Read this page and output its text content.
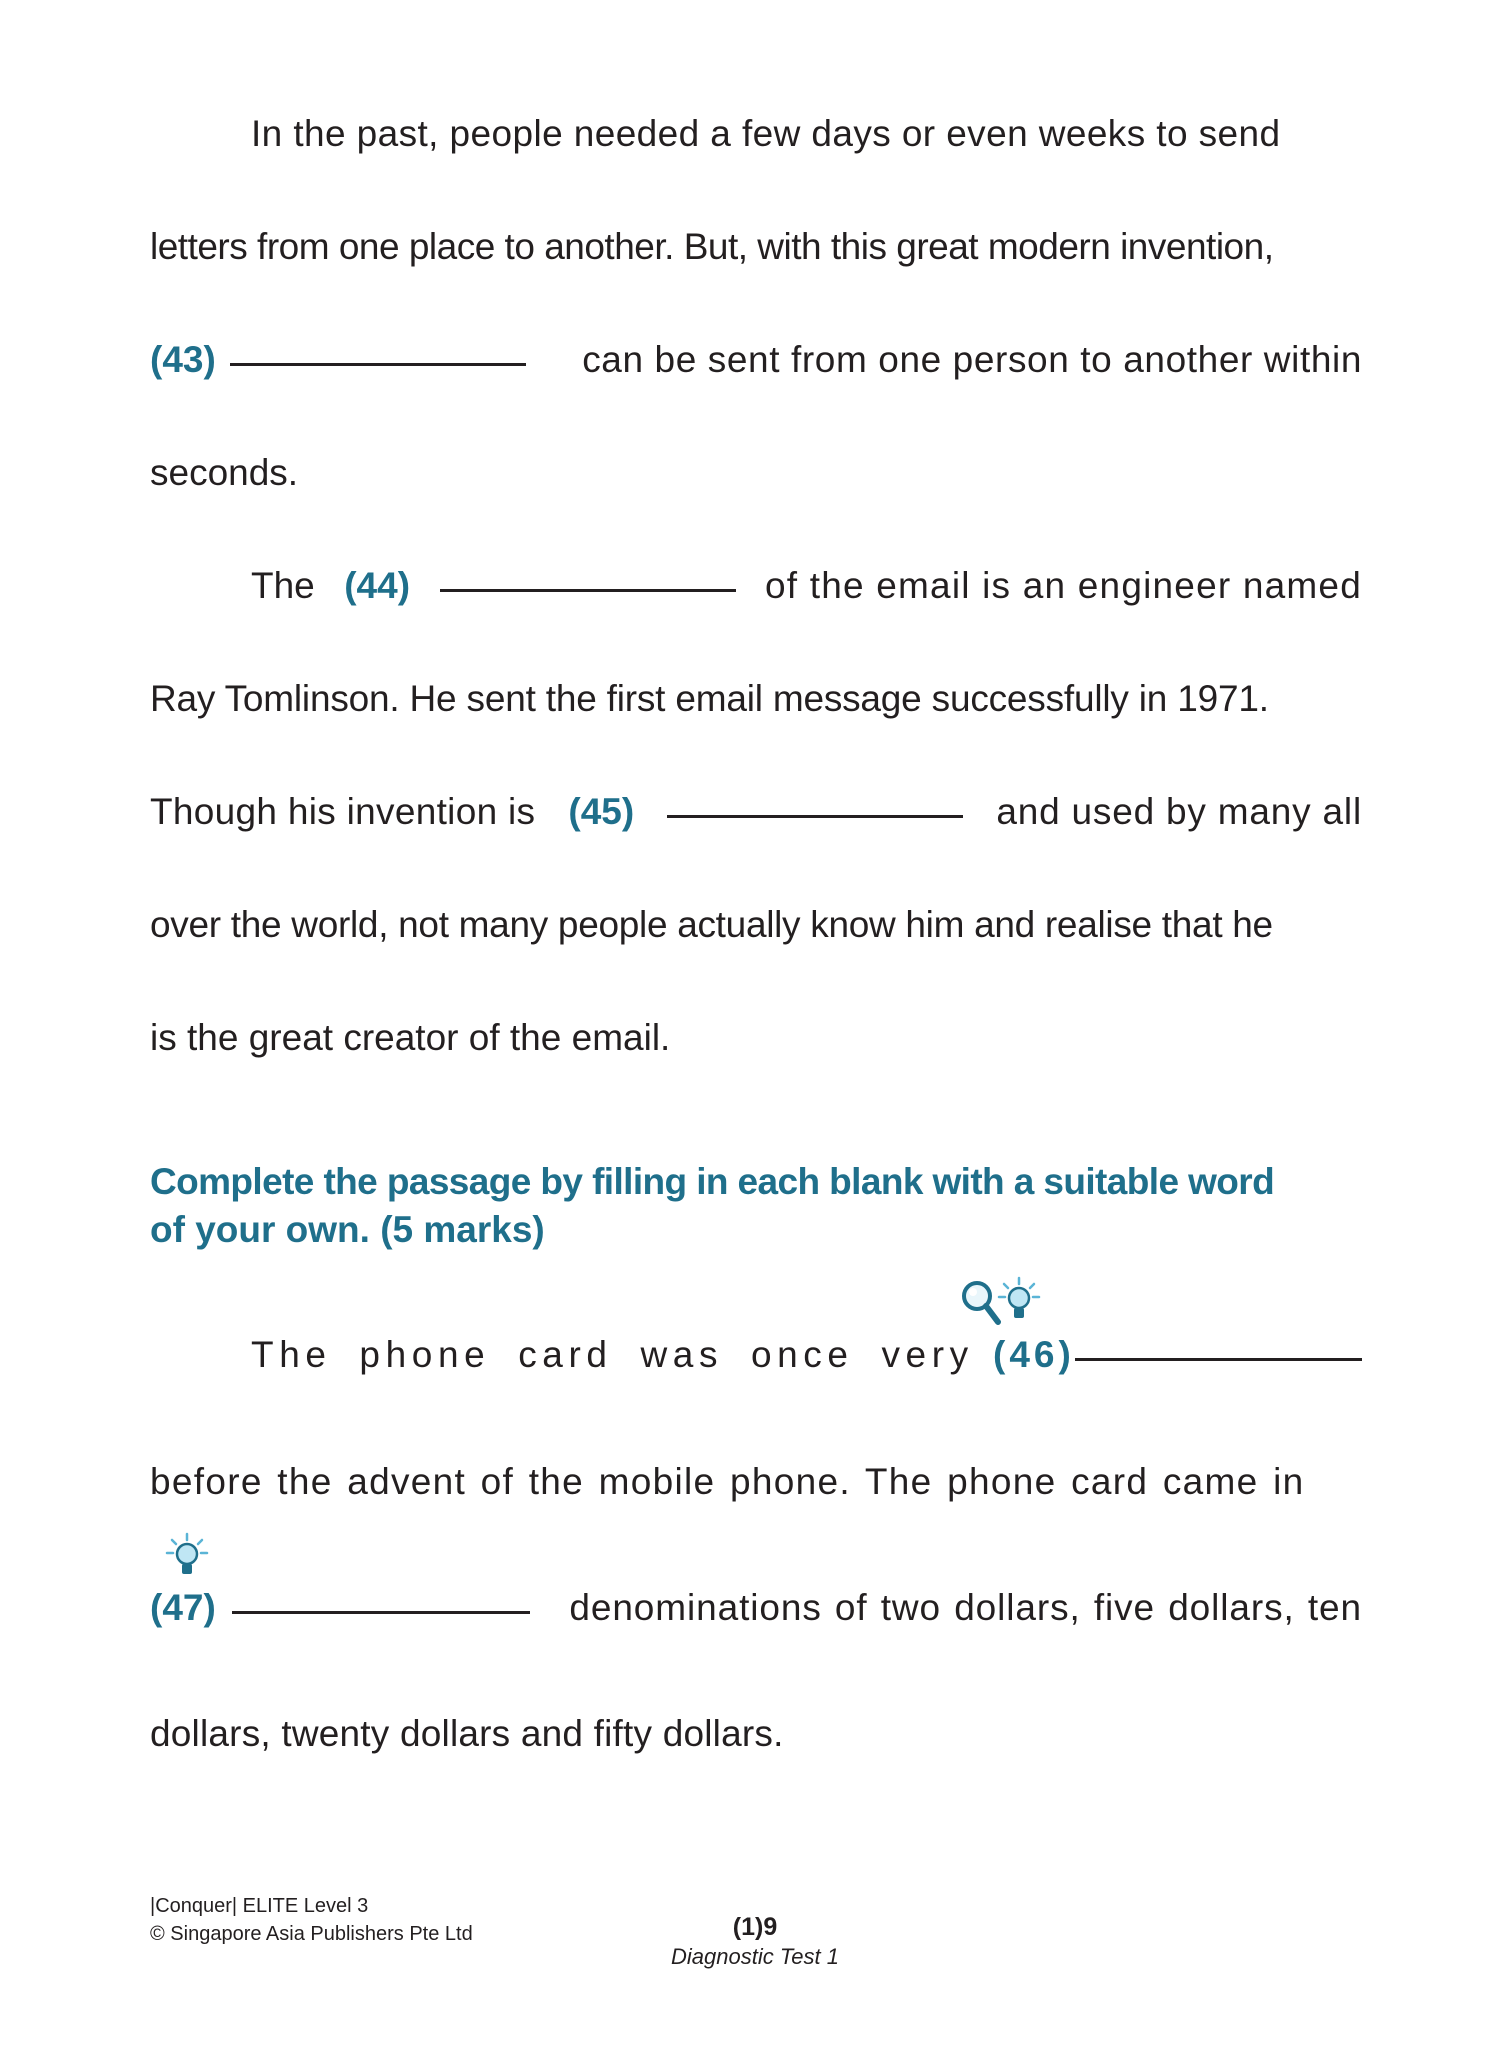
In the past, people needed a few days or even weeks to send
letters from one place to another. But, with this great modern invention,
(43)	can be sent from one person to another within
seconds.
The (44)	of the email is an engineer named
Ray Tomlinson. He sent the first email message successfully in 1971.
Though his invention is (45)	and used by many all
over the world, not many people actually know him and realise that he
is the great creator of the email.
Complete the passage by filling in each blank with a suitable word
of your own. (5 marks)
The phone card was once very (46)
before the advent of the mobile phone. The phone card came in
(47)	denominations of two dollars, five dollars, ten
dollars, twenty dollars and fifty dollars.
|Conquer| ELITE Level 3
© Singapore Asia Publishers Pte Ltd	(1)9
Diagnostic Test 1
